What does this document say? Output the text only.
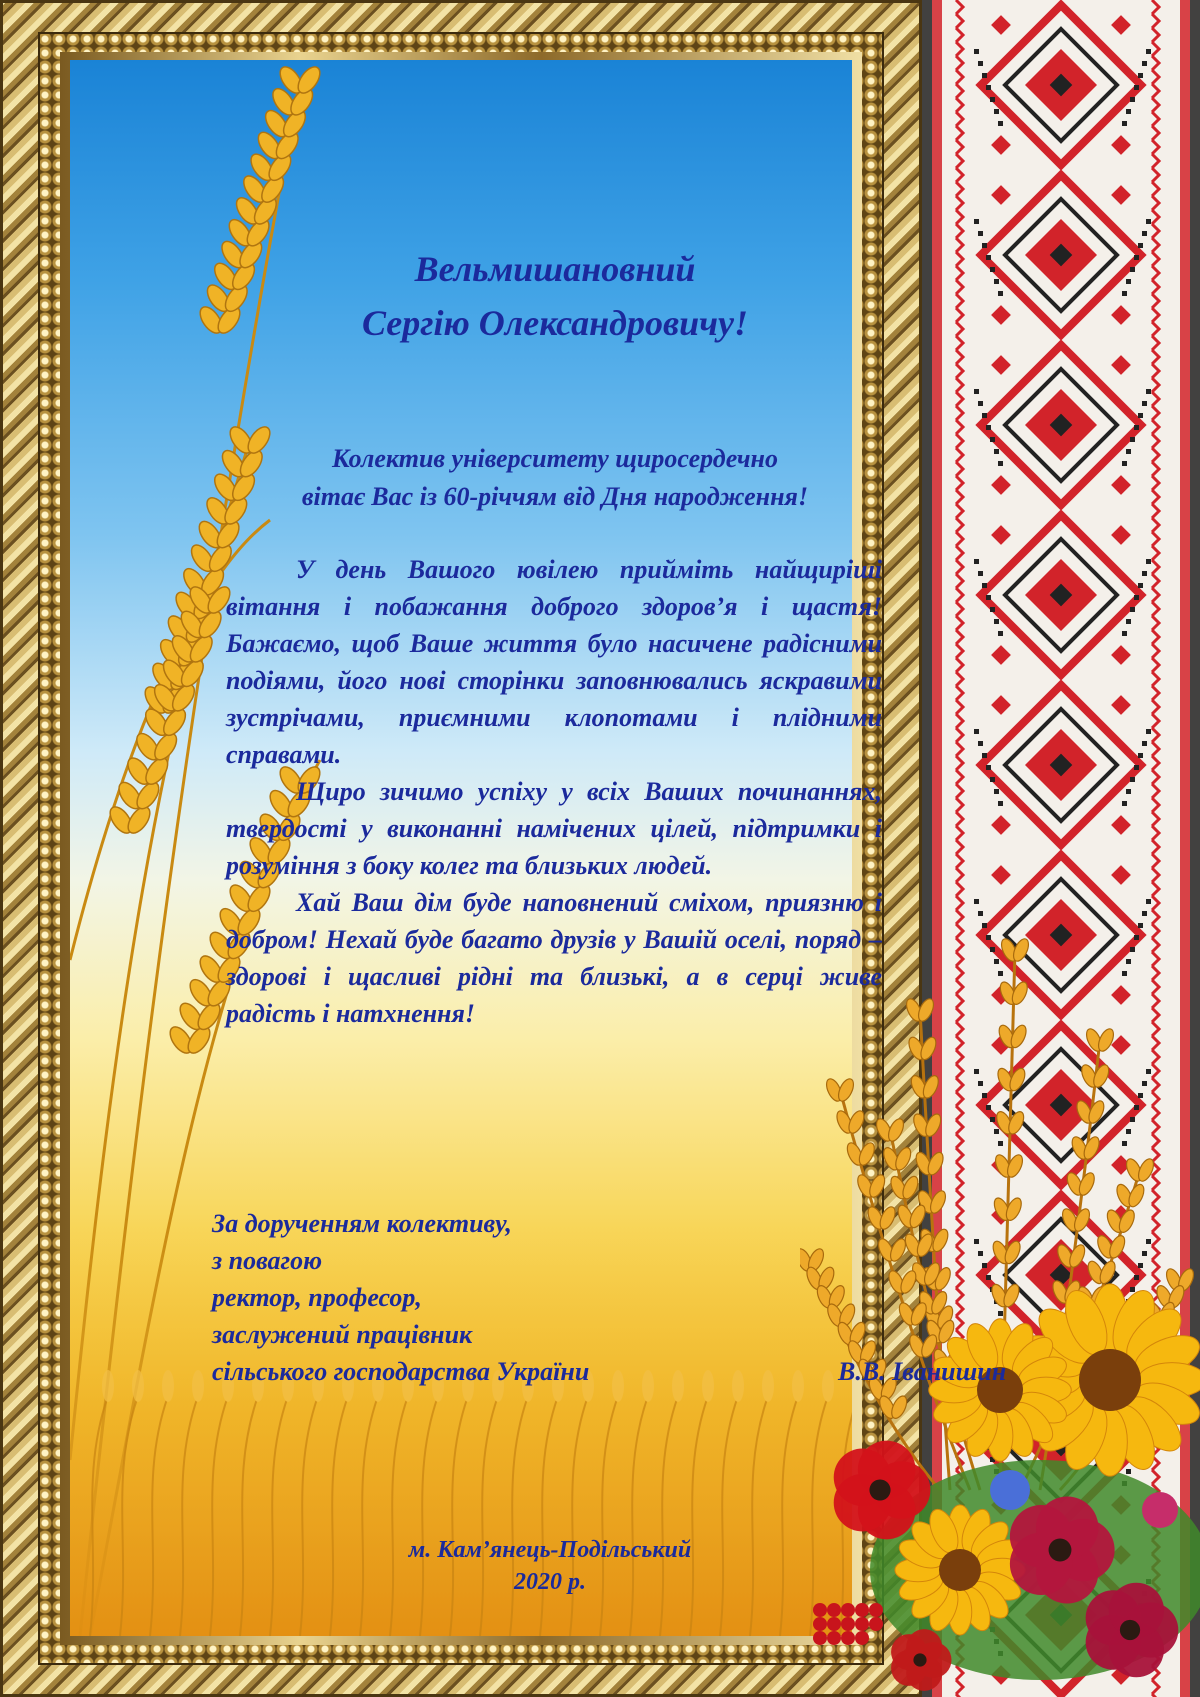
Вельмишановний
Сергію Олександровичу!

Колектив університету щиросердечно
вітає Вас із 60-річчям від Дня народження!

У день Вашого ювілею прийміть найщиріші вітання і побажання доброго здоров’я і щастя! Бажаємо, щоб Ваше життя було насичене радісними подіями, його нові сторінки заповнювались яскравими зустрічами, приємними клопотами і плідними справами.

Щиро зичимо успіху у всіх Ваших починаннях, твердості у виконанні намічених цілей, підтримки і розуміння з боку колег та близьких людей.

Хай Ваш дім буде наповнений сміхом, приязню і добром! Нехай буде багато друзів у Вашій оселі, поряд – здорові і щасливі рідні та близькі, а в серці живе радість і натхнення!

За дорученням колективу,
з повагою
ректор, професор,
заслужений працівник
сільського господарства України	В.В. Іванишин
м. Кам’янець-Подільський
2020 р.
